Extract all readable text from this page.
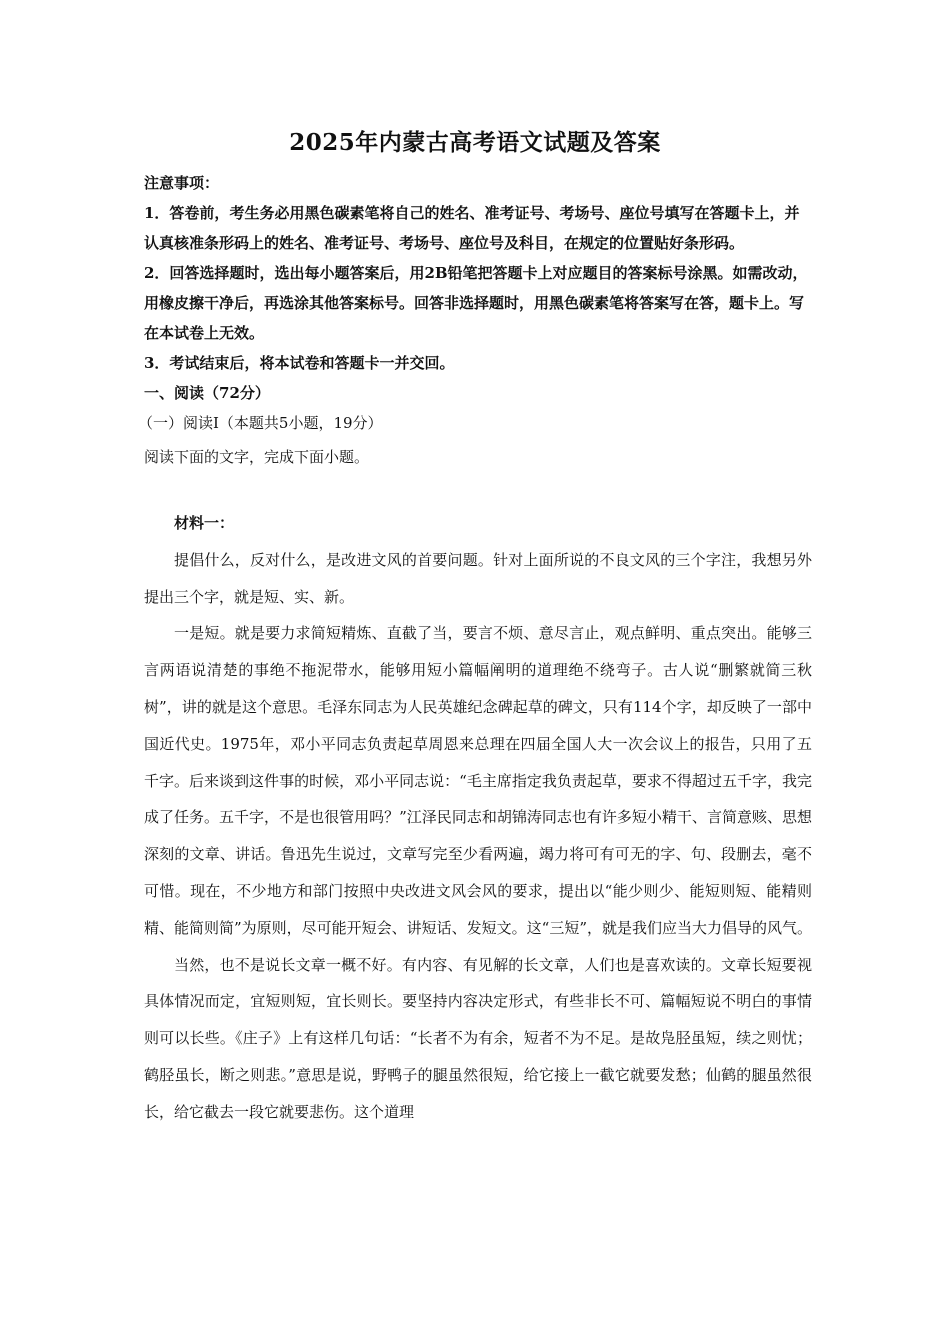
2025年内蒙古高考语文试题及答案

注意事项：

1．答卷前，考生务必用黑色碳素笔将自己的姓名、准考证号、考场号、座位号填写在答题卡上，并认真核准条形码上的姓名、准考证号、考场号、座位号及科目，在规定的位置贴好条形码。

2．回答选择题时，选出每小题答案后，用2B铅笔把答题卡上对应题目的答案标号涂黑。如需改动，用橡皮擦干净后，再选涂其他答案标号。回答非选择题时，用黑色碳素笔将答案写在答，题卡上。写在本试卷上无效。

3．考试结束后，将本试卷和答题卡一并交回。

一、阅读（72分）

（一）阅读Ⅰ（本题共5小题，19分）

阅读下面的文字，完成下面小题。

材料一：

提倡什么，反对什么，是改进文风的首要问题。针对上面所说的不良文风的三个字注，我想另外提出三个字，就是短、实、新。

一是短。就是要力求简短精炼、直截了当，要言不烦、意尽言止，观点鲜明、重点突出。能够三言两语说清楚的事绝不拖泥带水，能够用短小篇幅阐明的道理绝不绕弯子。古人说“删繁就简三秋树”，讲的就是这个意思。毛泽东同志为人民英雄纪念碑起草的碑文，只有114个字，却反映了一部中国近代史。1975年，邓小平同志负责起草周恩来总理在四届全国人大一次会议上的报告，只用了五千字。后来谈到这件事的时候，邓小平同志说：“毛主席指定我负责起草，要求不得超过五千字，我完成了任务。五千字，不是也很管用吗？”江泽民同志和胡锦涛同志也有许多短小精干、言简意赅、思想深刻的文章、讲话。鲁迅先生说过，文章写完至少看两遍，竭力将可有可无的字、句、段删去，毫不可惜。现在，不少地方和部门按照中央改进文风会风的要求，提出以“能少则少、能短则短、能精则精、能简则简”为原则，尽可能开短会、讲短话、发短文。这“三短”，就是我们应当大力倡导的风气。

当然，也不是说长文章一概不好。有内容、有见解的长文章，人们也是喜欢读的。文章长短要视具体情况而定，宜短则短，宜长则长。要坚持内容决定形式，有些非长不可、篇幅短说不明白的事情则可以长些。《庄子》上有这样几句话：“长者不为有余，短者不为不足。是故凫胫虽短，续之则忧；鹤胫虽长，断之则悲。”意思是说，野鸭子的腿虽然很短，给它接上一截它就要发愁；仙鹤的腿虽然很长，给它截去一段它就要悲伤。这个道理
